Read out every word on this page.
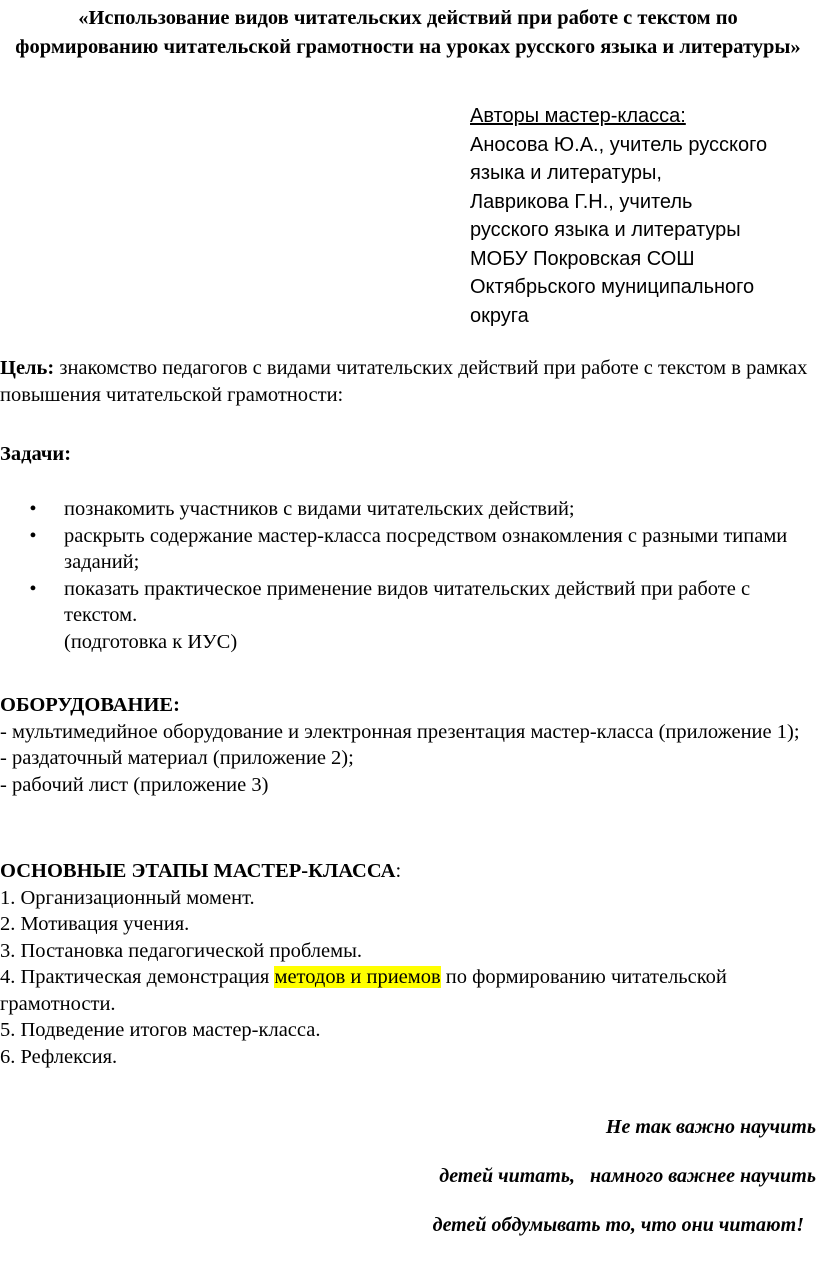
«Использование видов читательских действий при работе с текстом по формированию читательской грамотности на уроках русского языка и литературы»
Авторы мастер-класса:
Аносова Ю.А., учитель русского
языка и литературы,
Лаврикова Г.Н., учитель
русского языка и литературы
МОБУ Покровская СОШ
Октябрьского муниципального
округа
Цель: знакомство педагогов с видами читательских действий при работе с текстом в рамках повышения читательской грамотности:
Задачи:
• познакомить участников с видами читательских действий;
• раскрыть содержание мастер-класса посредством ознакомления с разными типами заданий;
• показать практическое применение видов читательских действий при работе с текстом.
(подготовка к ИУС)
ОБОРУДОВАНИЕ:
- мультимедийное оборудование и электронная презентация мастер-класса (приложение 1);
- раздаточный материал (приложение 2);
- рабочий лист (приложение 3)
ОСНОВНЫЕ ЭТАПЫ МАСТЕР-КЛАССА:
1. Организационный момент.
2. Мотивация учения.
3. Постановка педагогической проблемы.
4. Практическая демонстрация методов и приемов по формированию читательской грамотности.
5. Подведение итогов мастер-класса.
6. Рефлексия.
Не так важно научить
детей читать,   намного важнее научить
детей обдумывать то, что они читают!
